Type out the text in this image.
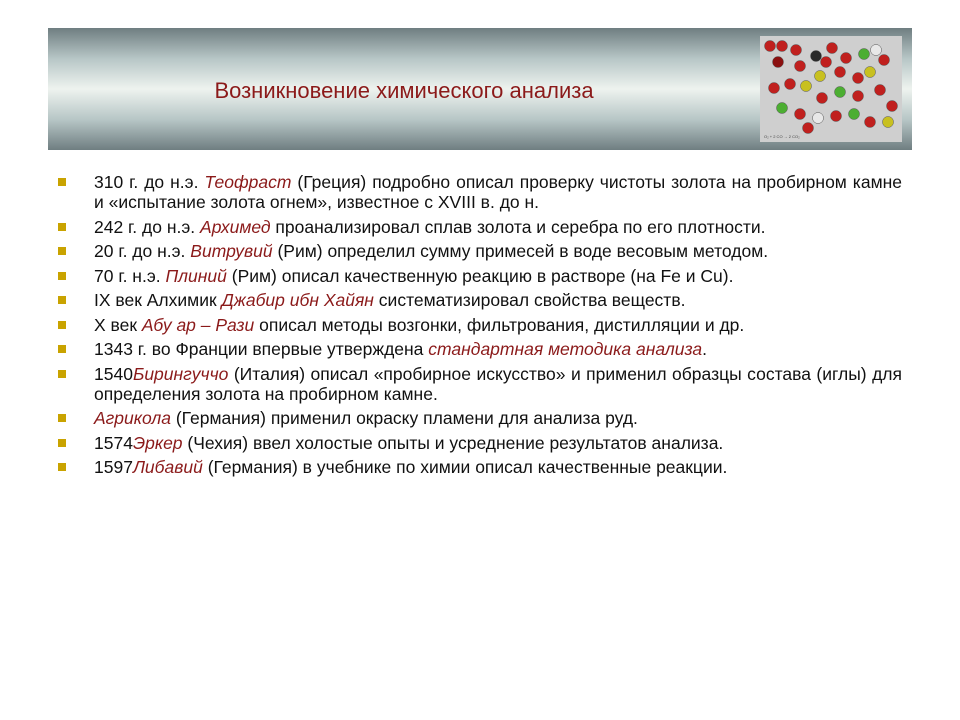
Возникновение химического анализа
O₂ + 2 CO → 2 CO₂
310 г. до н.э. Теофраст (Греция) подробно описал проверку чистоты золота на пробирном камне и «испытание золота огнем», известное с XVIII в. до н.
242 г. до н.э. Архимед проанализировал сплав золота и серебра по его плотности.
20 г. до н.э. Витрувий (Рим) определил сумму примесей в воде весовым методом.
70 г. н.э. Плиний (Рим) описал качественную реакцию в растворе (на Fe и Cu).
IX век Алхимик Джабир ибн Хайян систематизировал свойства веществ.
X век Абу ар – Рази описал методы возгонки, фильтрования, дистилляции и др.
1343 г. во Франции впервые утверждена стандартная методика анализа.
1540Бирингуччо (Италия) описал «пробирное искусство» и применил образцы состава (иглы) для определения золота на пробирном камне.
Агрикола (Германия) применил окраску пламени для анализа руд.
1574Эркер (Чехия) ввел холостые опыты и усреднение результатов анализа.
1597Либавий (Германия) в учебнике по химии описал качественные реакции.
